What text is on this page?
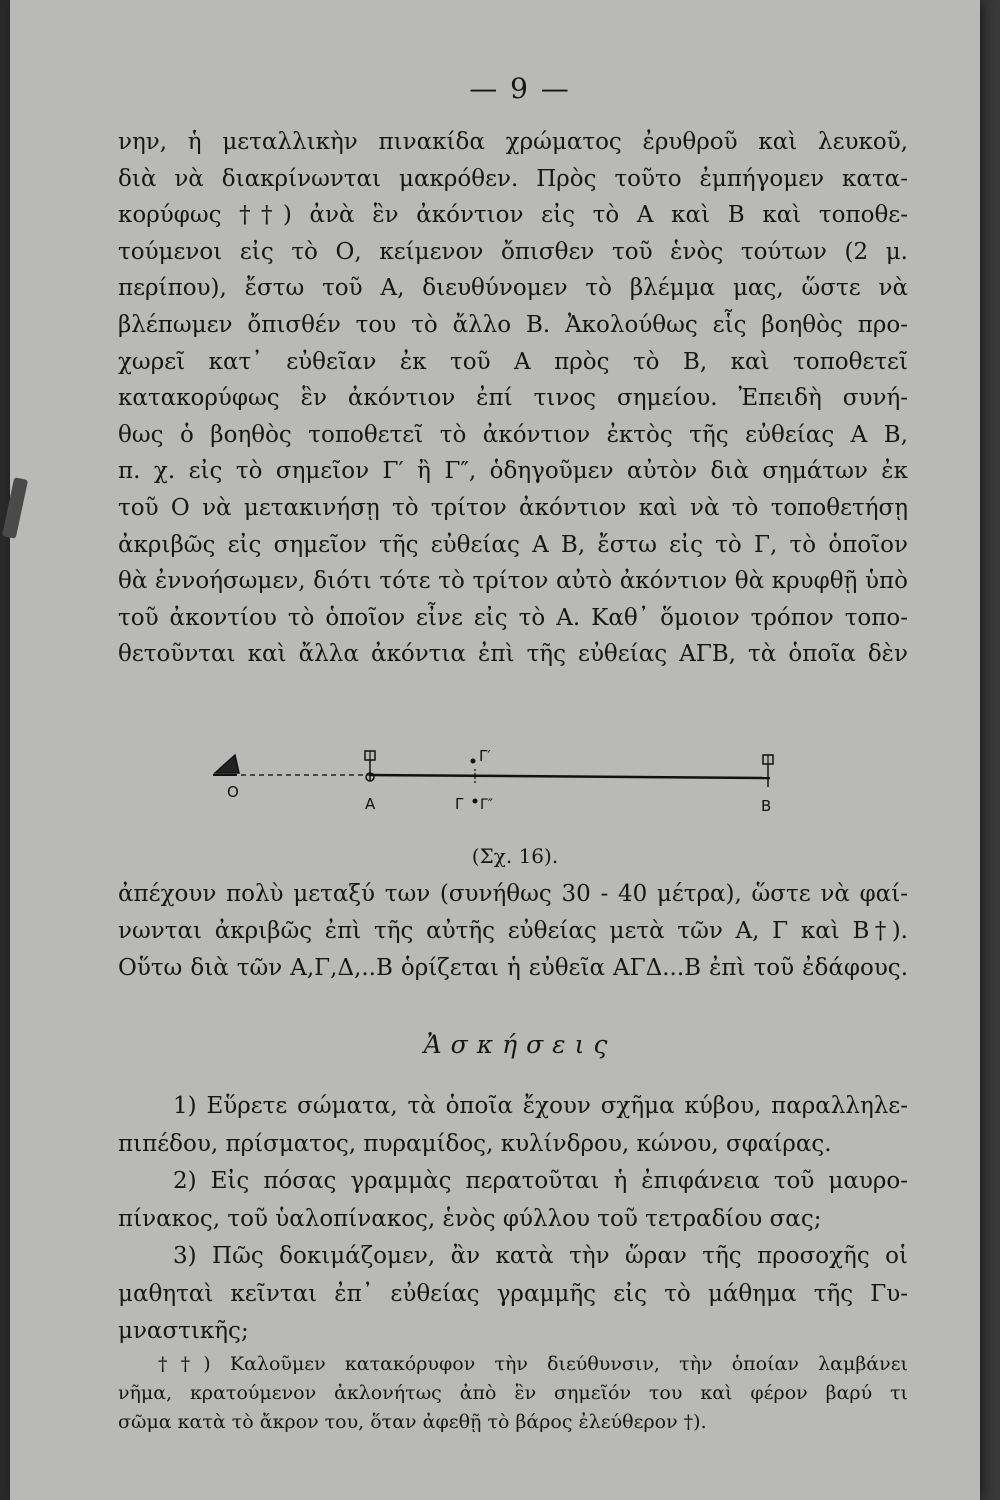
— 9 —
νην, ἡ μεταλλικὴν πινακίδα χρώματος ἐρυθροῦ καὶ λευκοῦ,
διὰ νὰ διακρίνωνται μακρόθεν. Πρὸς τοῦτο ἐμπήγομεν κατα-
κορύφως ††) ἀνὰ ἓν ἀκόντιον εἰς τὸ Α καὶ Β καὶ τοποθε-
τούμενοι εἰς τὸ Ο, κείμενον ὄπισθεν τοῦ ἑνὸς τούτων (2 μ.
περίπου), ἔστω τοῦ Α, διευθύνομεν τὸ βλέμμα μας, ὥστε νὰ
βλέπωμεν ὄπισθέν του τὸ ἄλλο Β. Ἀκολούθως εἷς βοηθὸς προ-
χωρεῖ κατ᾽ εὐθεῖαν ἐκ τοῦ Α πρὸς τὸ Β, καὶ τοποθετεῖ
κατακορύφως ἓν ἀκόντιον ἐπί τινος σημείου. Ἐπειδὴ συνή-
θως ὁ βοηθὸς τοποθετεῖ τὸ ἀκόντιον ἐκτὸς τῆς εὐθείας Α Β,
π. χ. εἰς τὸ σημεῖον Γ′ ἢ Γ″, ὁδηγοῦμεν αὐτὸν διὰ σημάτων ἐκ
τοῦ Ο νὰ μετακινήσῃ τὸ τρίτον ἀκόντιον καὶ νὰ τὸ τοποθετήσῃ
ἀκριβῶς εἰς σημεῖον τῆς εὐθείας Α Β, ἔστω εἰς τὸ Γ, τὸ ὁποῖον
θὰ ἐννοήσωμεν, διότι τότε τὸ τρίτον αὐτὸ ἀκόντιον θὰ κρυφθῇ ὑπὸ
τοῦ ἀκοντίου τὸ ὁποῖον εἶνε εἰς τὸ Α. Καθ᾽ ὅμοιον τρόπον τοπο-
θετοῦνται καὶ ἄλλα ἀκόντια ἐπὶ τῆς εὐθείας ΑΓΒ, τὰ ὁποῖα δὲν
O
A
Γ′
Γ Γ″	B
(Σχ. 16).
ἀπέχουν πολὺ μεταξύ των (συνήθως 30 - 40 μέτρα), ὥστε νὰ φαί-
νωνται ἀκριβῶς ἐπὶ τῆς αὐτῆς εὐθείας μετὰ τῶν Α, Γ καὶ Β†).
Οὕτω διὰ τῶν Α,Γ,Δ,..Β ὁρίζεται ἡ εὐθεῖα ΑΓΔ...Β ἐπὶ τοῦ ἐδάφους.
Ἀσκήσεις
1) Εὕρετε σώματα, τὰ ὁποῖα ἔχουν σχῆμα κύβου, παραλληλε-
πιπέδου, πρίσματος, πυραμίδος, κυλίνδρου, κώνου, σφαίρας.
2) Εἰς πόσας γραμμὰς περατοῦται ἡ ἐπιφάνεια τοῦ μαυρο-
πίνακος, τοῦ ὑαλοπίνακος, ἑνὸς φύλλου τοῦ τετραδίου σας;
3) Πῶς δοκιμάζομεν, ἂν κατὰ τὴν ὥραν τῆς προσοχῆς οἱ
μαθηταὶ κεῖνται ἐπ᾽ εὐθείας γραμμῆς εἰς τὸ μάθημα τῆς Γυ-
μναστικῆς;
††) Καλοῦμεν κατακόρυφον τὴν διεύθυνσιν, τὴν ὁποίαν λαμβάνει
νῆμα, κρατούμενον ἀκλονήτως ἀπὸ ἓν σημεῖόν του καὶ φέρον βαρύ τι
σῶμα κατὰ τὸ ἄκρον του, ὅταν ἀφεθῇ τὸ βάρος ἐλεύθερον †).
